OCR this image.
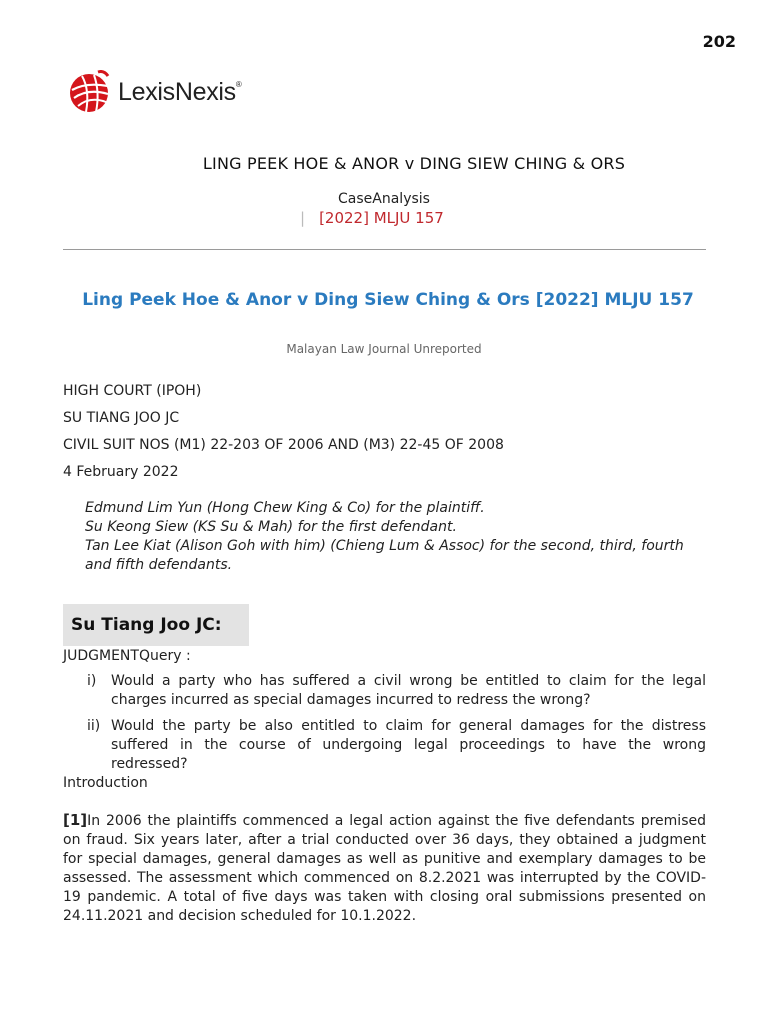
202
LexisNexis®
LING PEEK HOE & ANOR v DING SIEW CHING & ORS
CaseAnalysis
| [2022] MLJU 157
Ling Peek Hoe & Anor v Ding Siew Ching & Ors [2022] MLJU 157
Malayan Law Journal Unreported
HIGH COURT (IPOH)
SU TIANG JOO JC
CIVIL SUIT NOS (M1) 22-203 OF 2006 AND (M3) 22-45 OF 2008
4 February 2022
Edmund Lim Yun (Hong Chew King & Co) for the plaintiff.
Su Keong Siew (KS Su & Mah) for the first defendant.
Tan Lee Kiat (Alison Goh with him) (Chieng Lum & Assoc) for the second, third, fourth and fifth defendants.
Su Tiang Joo JC:
JUDGMENTQuery :
i)	Would a party who has suffered a civil wrong be entitled to claim for the legal charges incurred as special damages incurred to redress the wrong?
ii) Would the party be also entitled to claim for general damages for the distress suffered in the course of undergoing legal proceedings to have the wrong redressed?
Introduction
[1]In 2006 the plaintiffs commenced a legal action against the five defendants premised on fraud. Six years later, after a trial conducted over 36 days, they obtained a judgment for special damages, general damages as well as punitive and exemplary damages to be assessed. The assessment which commenced on 8.2.2021 was interrupted by the COVID- 19 pandemic. A total of five days was taken with closing oral submissions presented on 24.11.2021 and decision scheduled for 10.1.2022.
